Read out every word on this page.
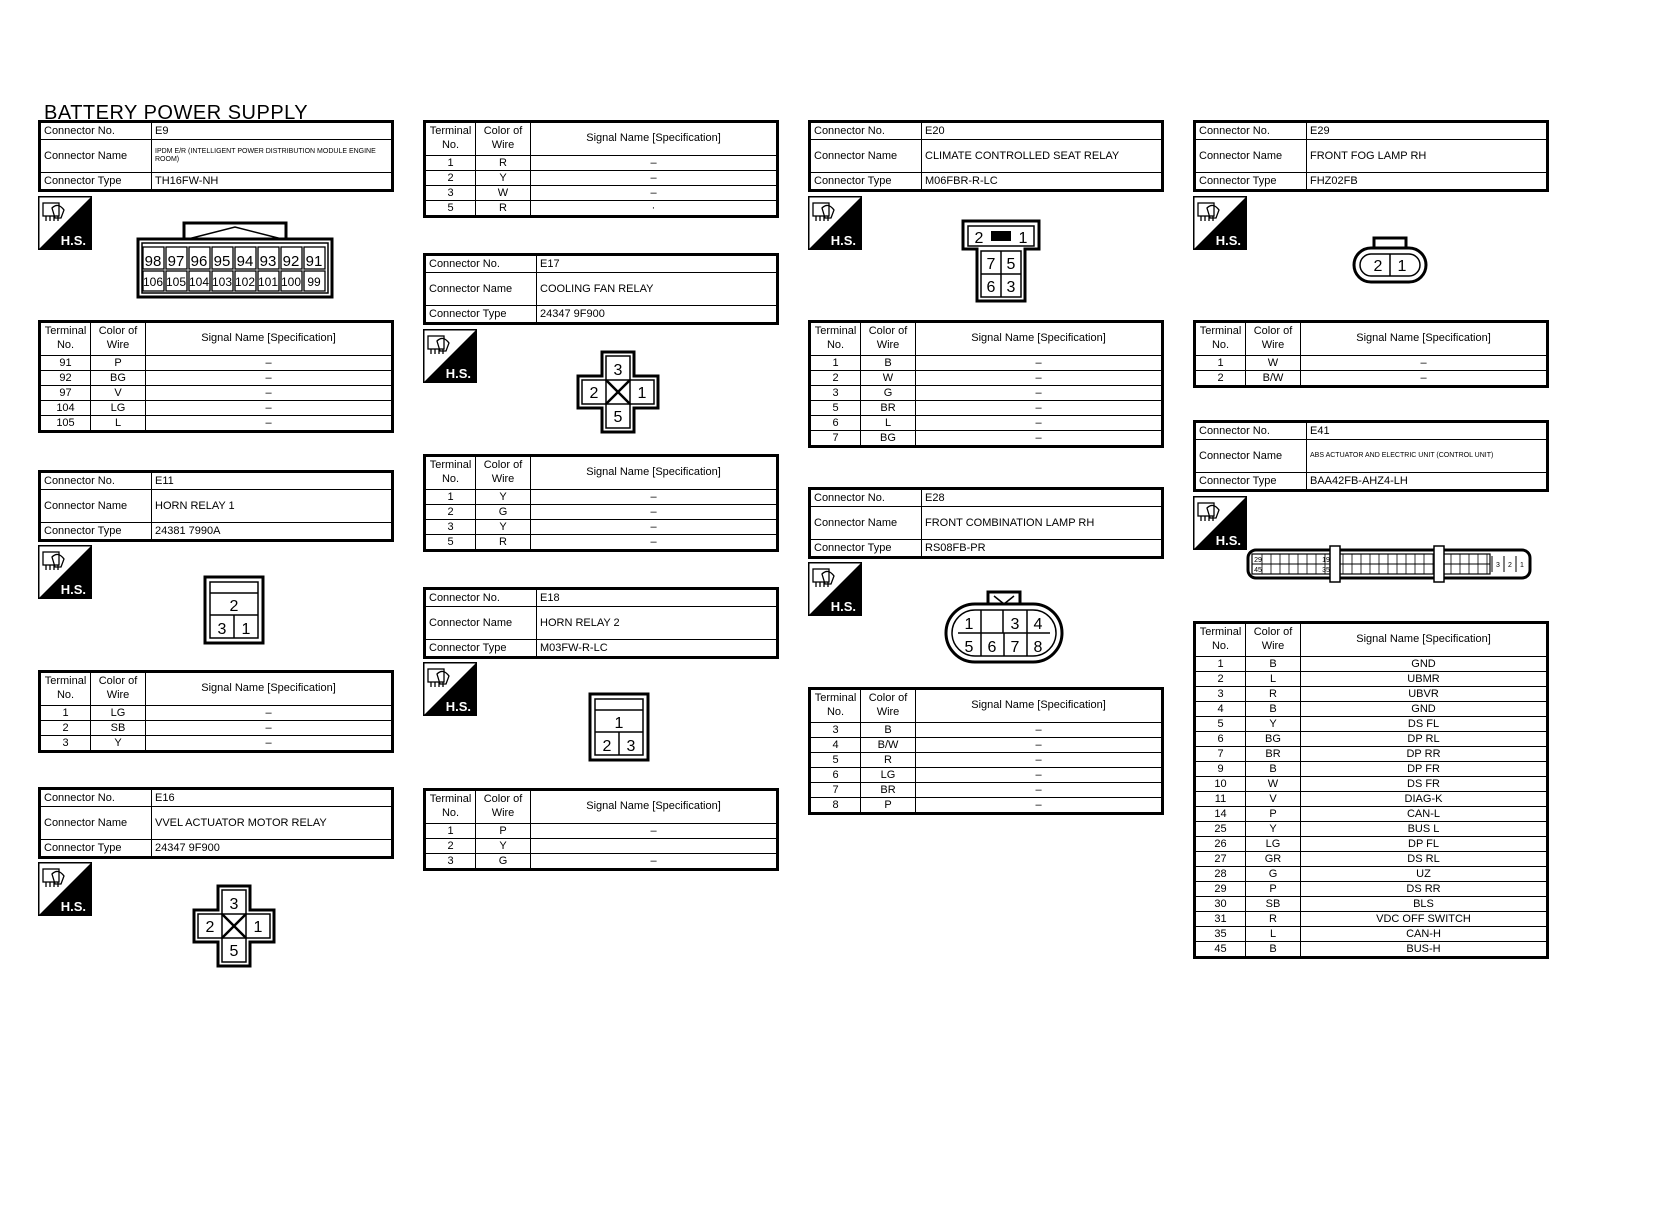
BATTERY POWER SUPPLY
Connector No.	E9
Connector Name	IPDM E/R (INTELLIGENT POWER DISTRIBUTION MODULE ENGINE ROOM)
Connector Type	TH16FW-NH
H.S.
98 97 96 95 94 93 92 91
106 105 104 103 102 101 100 99
Terminal No.	Color of Wire	Signal Name [Specification]
91	P	–
92	BG	–
97	V	–
104	LG	–
105	L	–
Connector No.	E11
Connector Name	HORN RELAY 1
Connector Type	24381 7990A
H.S.
2
3 1
Terminal No.	Color of Wire	Signal Name [Specification]
1	LG	–
2	SB	–
3	Y	–
Connector No.	E16
Connector Name	VVEL ACTUATOR MOTOR RELAY
Connector Type	24347 9F900
H.S.	3
2 1
5
Terminal No.	Color of Wire	Signal Name [Specification]
1	R	–
2	Y	–
3	W	–
5	R	·
Connector No.	E17
Connector Name	COOLING FAN RELAY
Connector Type	24347 9F900
H.S.	3
2 1
5
Terminal No.	Color of Wire	Signal Name [Specification]
1	Y	–
2	G	–
3	Y	–
5	R	–
Connector No.	E18
Connector Name	HORN RELAY 2
Connector Type	M03FW-R-LC
H.S.
1
2 3
Terminal No.	Color of Wire	Signal Name [Specification]
1	P	–
2	Y	
3	G	–
Connector No.	E20
Connector Name	CLIMATE CONTROLLED SEAT RELAY
Connector Type	M06FBR-R-LC
H.S.	2 1
7 5
6 3
Terminal No.	Color of Wire	Signal Name [Specification]
1	B	–
2	W	–
3	G	–
5	BR	–
6	L	–
7	BG	–
Connector No.	E28
Connector Name	FRONT COMBINATION LAMP RH
Connector Type	RS08FB-PR
H.S.
1 3 4
5 6 7 8
Terminal No.	Color of Wire	Signal Name [Specification]
3	B	–
4	B/W	–
5	R	–
6	LG	–
7	BR	–
8	P	–
Connector No.	E29
Connector Name	FRONT FOG LAMP RH
Connector Type	FHZ02FB
H.S.
2 1
Terminal No.	Color of Wire	Signal Name [Specification]
1	W	–
2	B/W	–
Connector No.	E41
Connector Name	ABS ACTUATOR AND ELECTRIC UNIT (CONTROL UNIT)
Connector Type	BAA42FB-AHZ4-LH
H.S.
29	19
45	35
3 2 1
Terminal No.	Color of Wire	Signal Name [Specification]
1	B	GND
2	L	UBMR
3	R	UBVR
4	B	GND
5	Y	DS FL
6	BG	DP RL
7	BR	DP RR
9	B	DP FR
10	W	DS FR
11	V	DIAG-K
14	P	CAN-L
25	Y	BUS L
26	LG	DP FL
27	GR	DS RL
28	G	UZ
29	P	DS RR
30	SB	BLS
31	R	VDC OFF SWITCH
35	L	CAN-H
45	B	BUS-H
